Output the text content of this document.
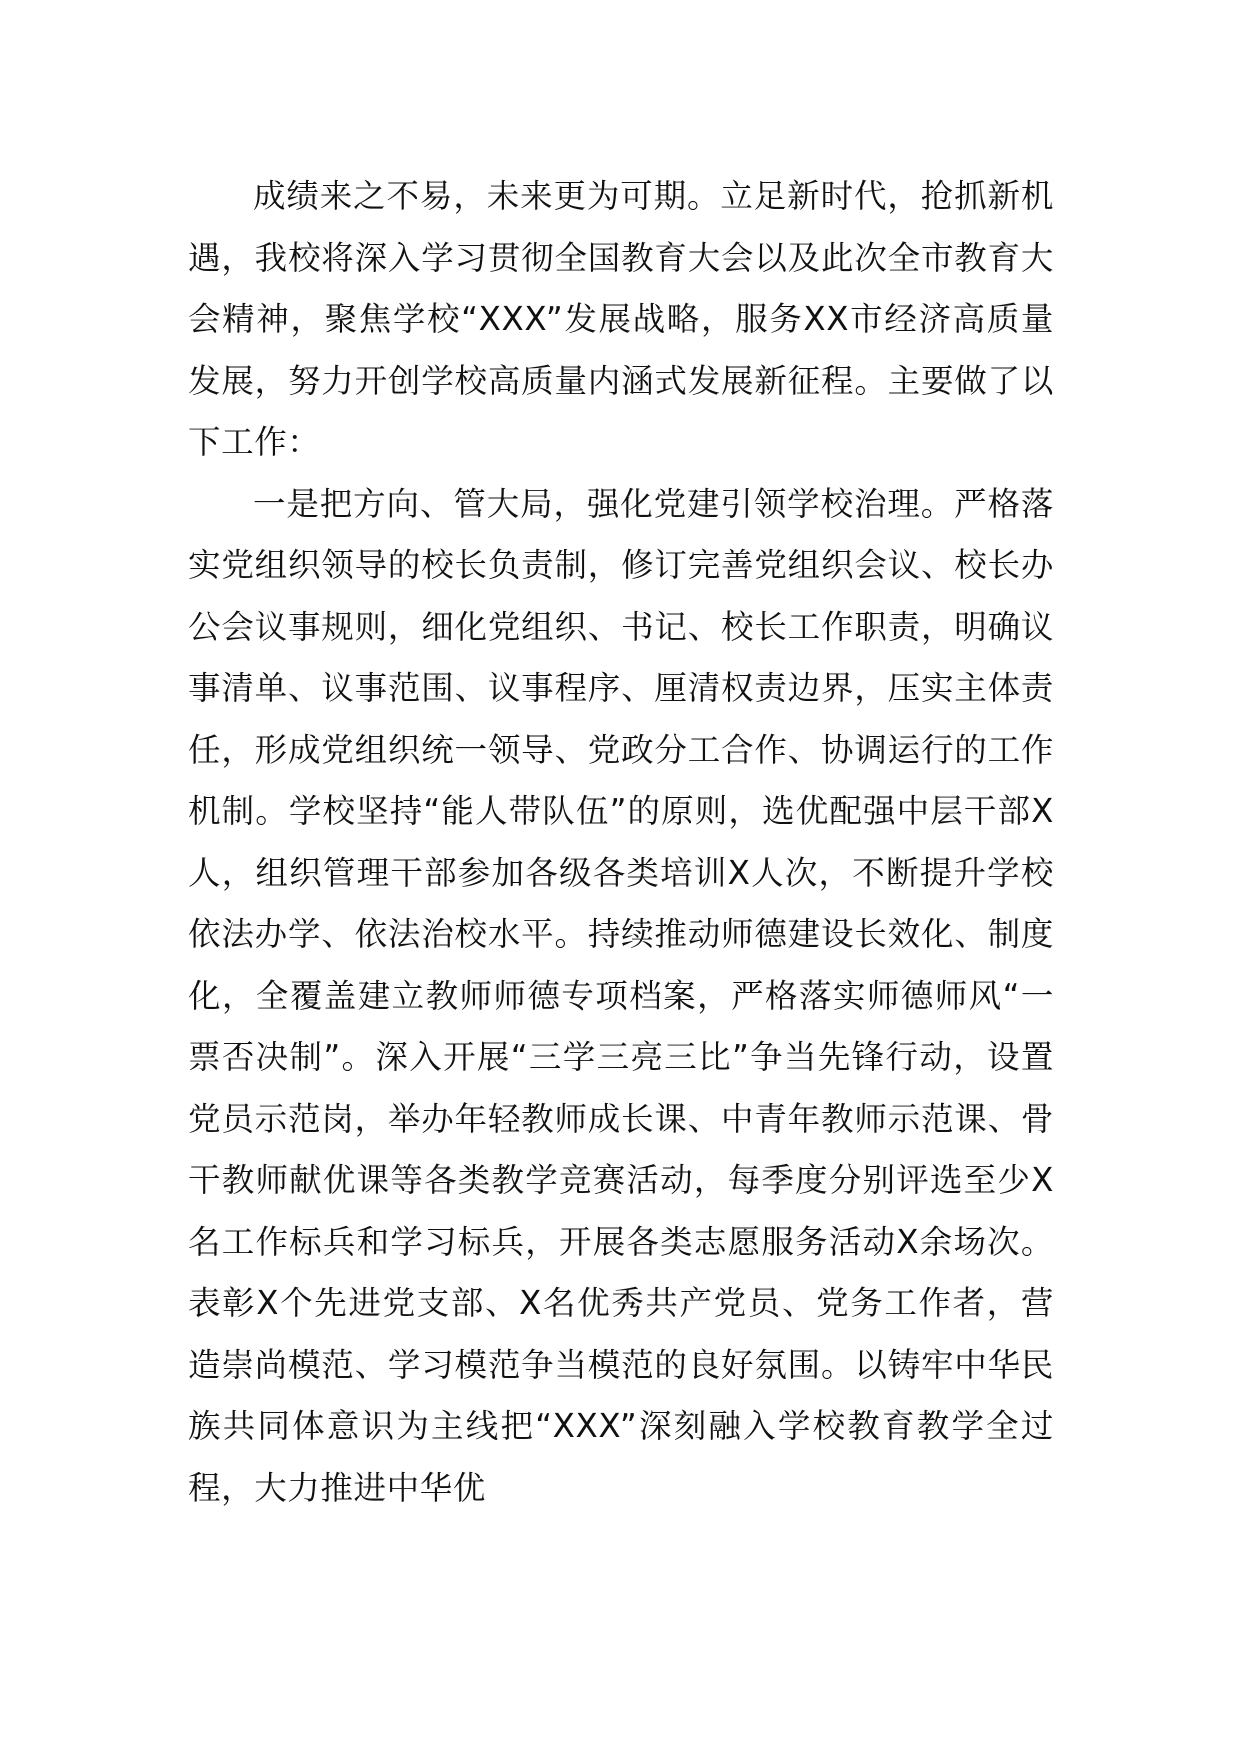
成绩来之不易，未来更为可期。立足新时代，抢抓新机遇，我校将深入学习贯彻全国教育大会以及此次全市教育大会精神，聚焦学校“XXX”发展战略，服务XX市经济高质量发展，努力开创学校高质量内涵式发展新征程。主要做了以下工作：

一是把方向、管大局，强化党建引领学校治理。严格落实党组织领导的校长负责制，修订完善党组织会议、校长办公会议事规则，细化党组织、书记、校长工作职责，明确议事清单、议事范围、议事程序、厘清权责边界，压实主体责任，形成党组织统一领导、党政分工合作、协调运行的工作机制。学校坚持“能人带队伍”的原则，选优配强中层干部X人，组织管理干部参加各级各类培训X人次，不断提升学校依法办学、依法治校水平。持续推动师德建设长效化、制度化，全覆盖建立教师师德专项档案，严格落实师德师风“一票否决制”。深入开展“三学三亮三比”争当先锋行动，设置党员示范岗，举办年轻教师成长课、中青年教师示范课、骨干教师献优课等各类教学竞赛活动，每季度分别评选至少X名工作标兵和学习标兵，开展各类志愿服务活动X余场次。表彰X个先进党支部、X名优秀共产党员、党务工作者，营造崇尚模范、学习模范争当模范的良好氛围。以铸牢中华民族共同体意识为主线把“XXX”深刻融入学校教育教学全过程，大力推进中华优
